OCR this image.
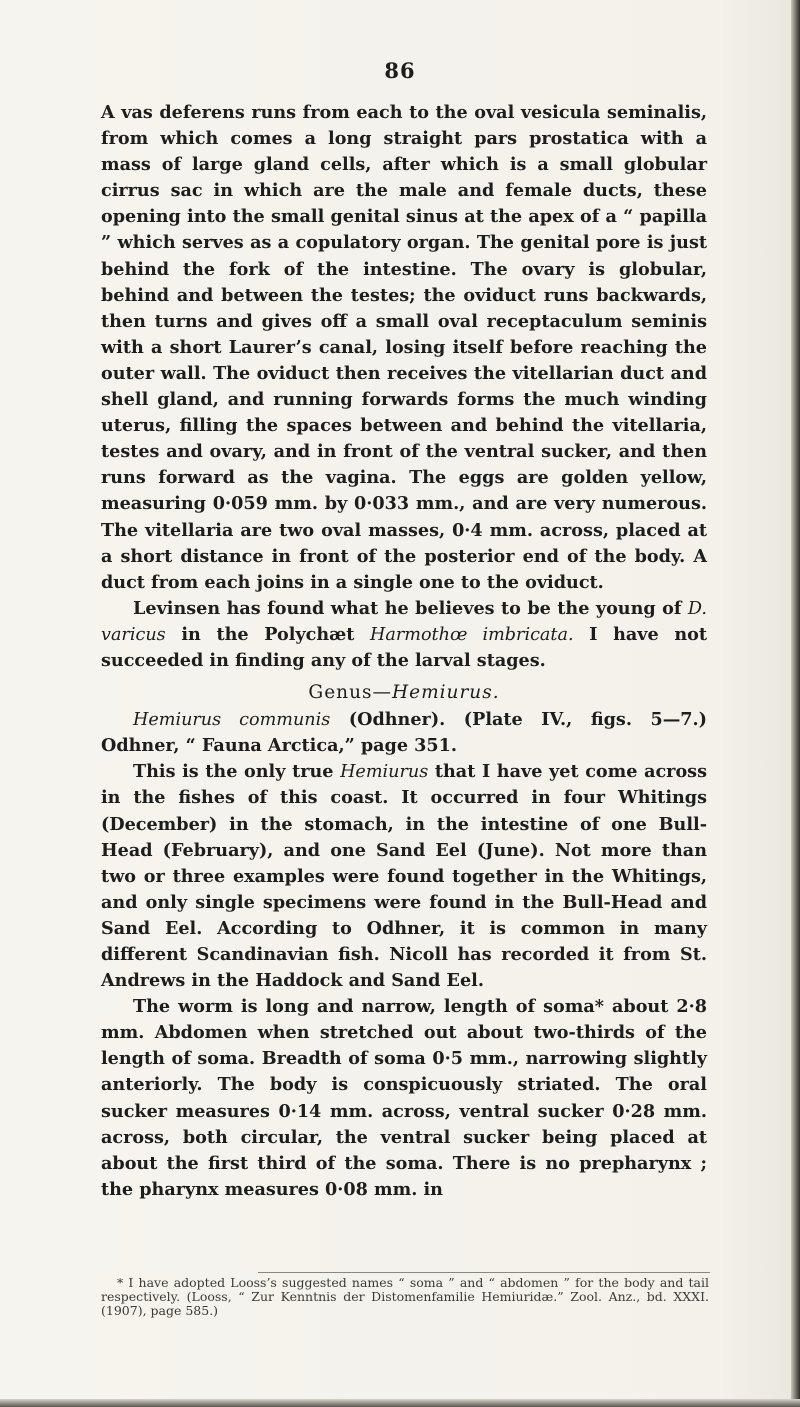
86

A vas deferens runs from each to the oval vesicula seminalis, from which comes a long straight pars prostatica with a mass of large gland cells, after which is a small globular cirrus sac in which are the male and female ducts, these opening into the small genital sinus at the apex of a “ papilla ” which serves as a copulatory organ. The genital pore is just behind the fork of the intestine. The ovary is globular, behind and between the testes; the oviduct runs backwards, then turns and gives off a small oval receptaculum seminis with a short Laurer’s canal, losing itself before reaching the outer wall. The oviduct then receives the vitellarian duct and shell gland, and running forwards forms the much winding uterus, filling the spaces between and behind the vitellaria, testes and ovary, and in front of the ventral sucker, and then runs forward as the vagina. The eggs are golden yellow, measuring 0·059 mm. by 0·033 mm., and are very numerous. The vitellaria are two oval masses, 0·4 mm. across, placed at a short distance in front of the posterior end of the body. A duct from each joins in a single one to the oviduct.

Levinsen has found what he believes to be the young of D. varicus in the Polychæt Harmothœ imbricata. I have not succeeded in finding any of the larval stages.

Genus—Hemiurus.

Hemiurus communis (Odhner). (Plate IV., figs. 5—7.) Odhner, “ Fauna Arctica,” page 351.

This is the only true Hemiurus that I have yet come across in the fishes of this coast. It occurred in four Whitings (December) in the stomach, in the intestine of one Bull-Head (February), and one Sand Eel (June). Not more than two or three examples were found together in the Whitings, and only single specimens were found in the Bull-Head and Sand Eel. According to Odhner, it is common in many different Scandinavian fish. Nicoll has recorded it from St. Andrews in the Haddock and Sand Eel.

The worm is long and narrow, length of soma* about 2·8 mm. Abdomen when stretched out about two-thirds of the length of soma. Breadth of soma 0·5 mm., narrowing slightly anteriorly. The body is conspicuously striated. The oral sucker measures 0·14 mm. across, ventral sucker 0·28 mm. across, both circular, the ventral sucker being placed at about the first third of the soma. There is no prepharynx ; the pharynx measures 0·08 mm. in

* I have adopted Looss’s suggested names “ soma ” and “ abdomen ” for the body and tail respectively. (Looss, “ Zur Kenntnis der Distomenfamilie Hemiuridæ.” Zool. Anz., bd. XXXI. (1907), page 585.)
